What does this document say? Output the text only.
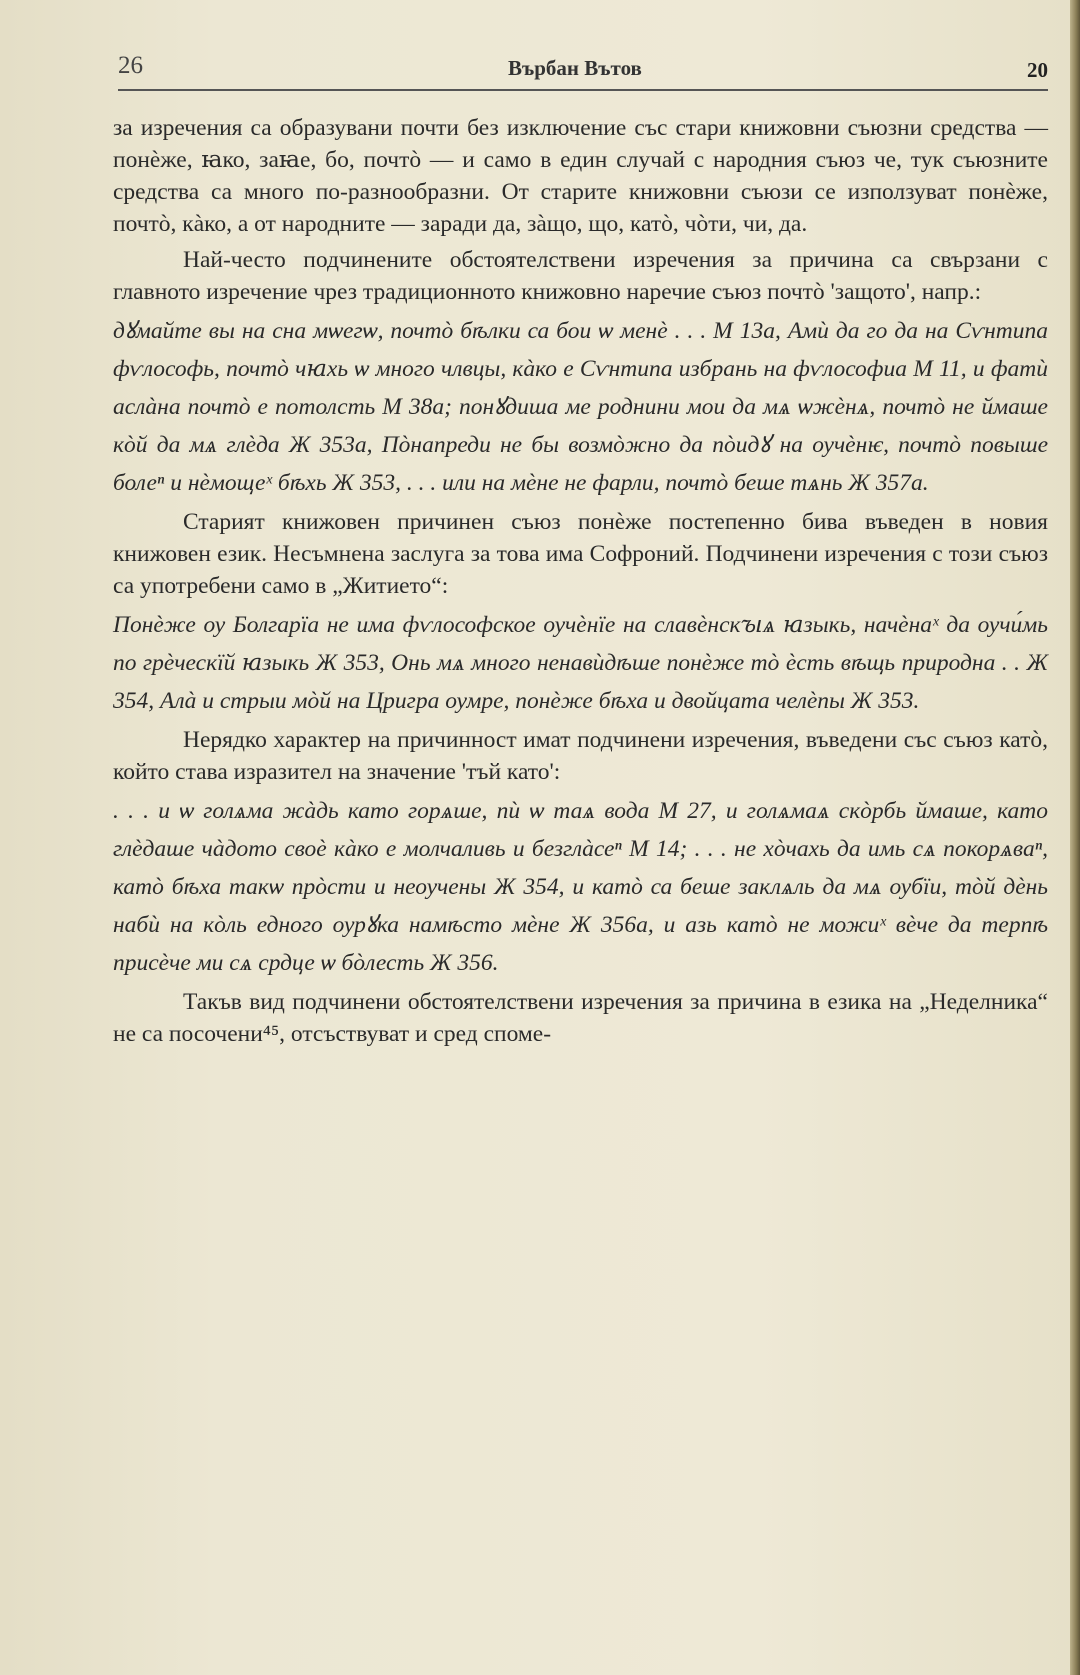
26	Върбан Вътов	20

за изречения са образувани почти без изключение със стари книжовни съюзни средства — понѐже, ꙗко, заꙗе, бо, почтò — и само в един случай с народния съюз че, тук съюзните средства са много по-разнообразни. От старите книжовни съюзи се използуват понѐже, почтò, кàко, а от народните — заради да, зàщо, що, катò, чòти, чи, да.

Най-често подчинените обстоятелствени изречения за причина са свързани с главното изречение чрез традиционното книжовно наречие съюз почтò 'защото', напр.:

дꙋмайте вы на сна мѡегѡ, почтò бѣлки са бои ѡ менѐ . . . М 13а, Амѝ да го да на Сѵнтипа фѵлософь, почтò чꙗхь ѡ много члвцы, кàко е Сѵнтипа избрань на фѵлософиа М 11, и фатѝ аслàна почтò е потолсть М 38а; понꙋдиша ме роднини мои да мѧ ѡжѐнѧ, почтò не ймаше кòй да мѧ глѐда Ж 353а, Пòнапреди не бы возмòжно да пòидꙋ на оучѐнѥ, почтò повыше болеⁿ и нѐмощеˣ бѣхь Ж 353, . . . или на мѐне не фарли, почтò беше тѧнь Ж 357а.

Старият книжовен причинен съюз понѐже постепенно бива въведен в новия книжовен език. Несъмнена заслуга за това има Софроний. Подчинени изречения с този съюз са употребени само в „Житието“:

Понѐже оу Болгарїа не има фѵлософское оучѐнїе на славѐнскꙑѧ ꙗзыкь, начѐнаˣ да оучи́мь по грѐческїй ꙗзыкь Ж 353, Онь мѧ много ненавѝдѣше понѐже тò ѐсть вѣщь природна . . Ж 354, Алà и стрыи мòй на Цригра оумре, понѐже бѣха и двойцата челѐпы Ж 353.

Нерядко характер на причинност имат подчинени изречения, въведени със съюз катò, който става изразител на значение 'тъй като':

. . . и ѡ голѧма жàдь като горѧше, пѝ ѡ таѧ вода М 27, и голѧмаѧ скòрбь ймаше, като глѐдаше чàдото своѐ кàко е молчаливь и безглàсеⁿ М 14; . . . не хòчахь да имь сѧ покорѧваⁿ, катò бѣха такѡ прòсти и неоучены Ж 354, и катò са беше заклѧль да мѧ оубїи, тòй дѐнь набѝ на кòль едного оурꙋка намѣсто мѐне Ж 356а, и азь катò не можиˣ вѐче да терпѣ присѐче ми сѧ срдце ѡ бòлесть Ж 356.

Такъв вид подчинени обстоятелствени изречения за причина в езика на „Неделника“ не са посочени⁴⁵, отсъствуват и сред споме-
